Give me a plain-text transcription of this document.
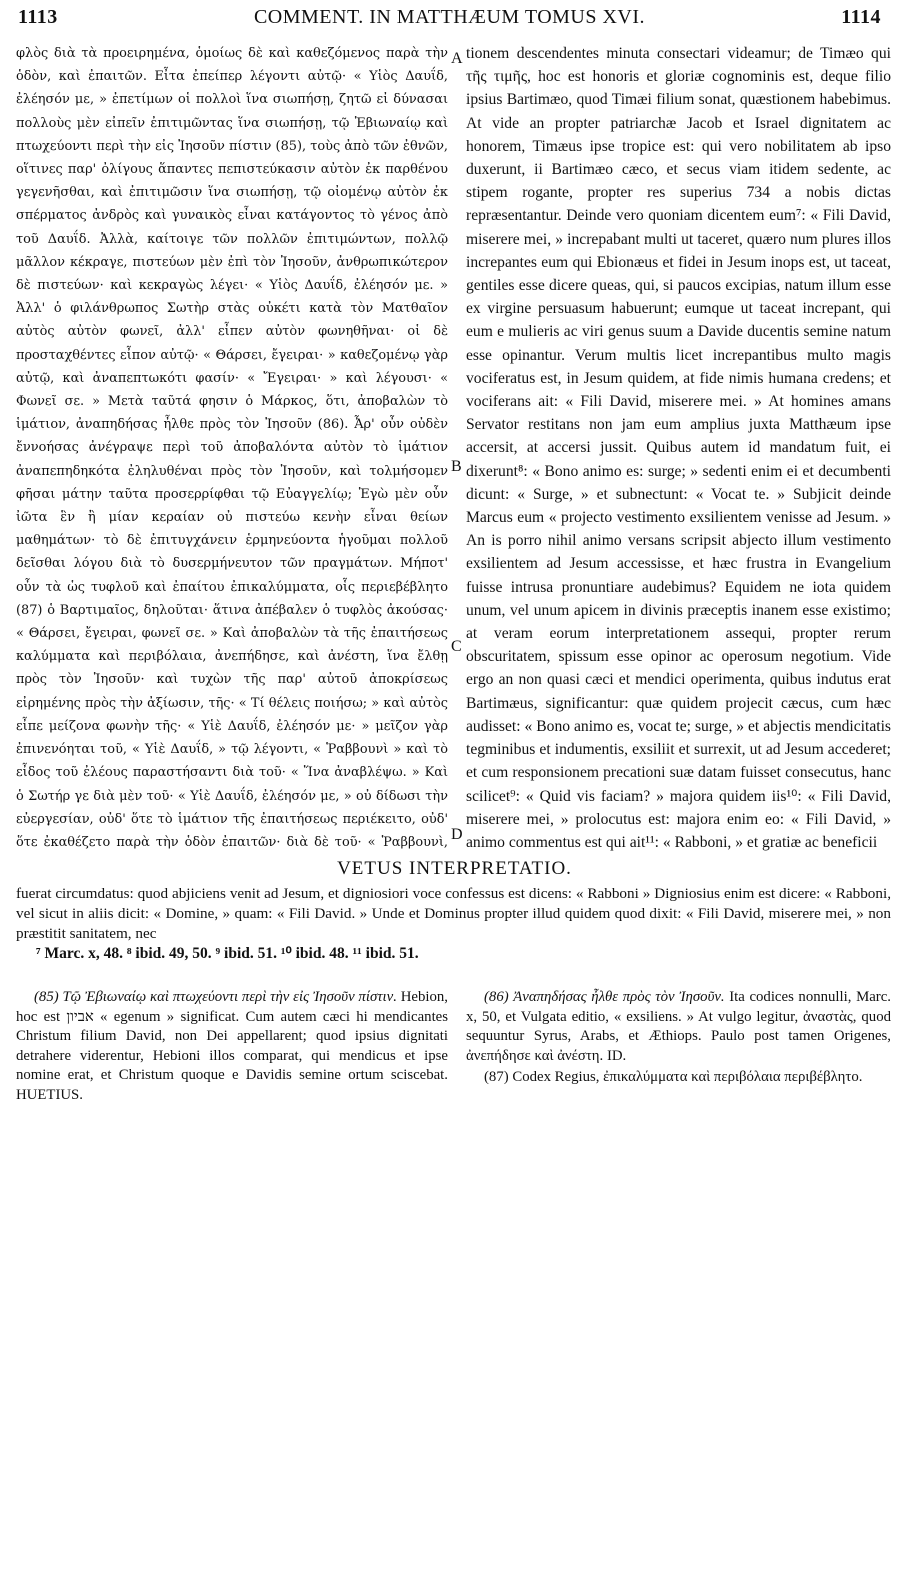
1113	COMMENT. IN MATTHÆUM TOMUS XVI.	1114

φλὸς διὰ τὰ προειρημένα, ὁμοίως δὲ καὶ καθεζόμενος παρὰ τὴν ὁδὸν, καὶ ἐπαιτῶν. Εἶτα ἐπείπερ λέγοντι αὐτῷ· « Υἱὸς Δαυΐδ, ἐλέησόν με, » ἐπετίμων οἱ πολλοὶ ἵνα σιωπήσῃ, ζητῶ εἰ δύνασαι πολλοὺς μὲν εἰπεῖν ἐπιτιμῶντας ἵνα σιωπήσῃ, τῷ Ἐβιωναίῳ καὶ πτωχεύοντι περὶ τὴν εἰς Ἰησοῦν πίστιν (85), τοὺς ἀπὸ τῶν ἐθνῶν, οἵτινες παρ' ὀλίγους ἅπαντες πεπιστεύκασιν αὐτὸν ἐκ παρθένου γεγενῆσθαι, καὶ ἐπιτιμῶσιν ἵνα σιωπήσῃ, τῷ οἰομένῳ αὐτὸν ἐκ σπέρματος ἀνδρὸς καὶ γυναικὸς εἶναι κατάγοντος τὸ γένος ἀπὸ τοῦ Δαυΐδ. Ἀλλὰ, καίτοιγε τῶν πολλῶν ἐπιτιμώντων, πολλῷ μᾶλλον κέκραγε, πιστεύων μὲν ἐπὶ τὸν Ἰησοῦν, ἀνθρωπικώτερον δὲ πιστεύων· καὶ κεκραγὼς λέγει· « Υἱὸς Δαυΐδ, ἐλέησόν με. » Ἀλλ' ὁ φιλάνθρωπος Σωτὴρ στὰς οὐκέτι κατὰ τὸν Ματθαῖον αὐτὸς αὐτὸν φωνεῖ, ἀλλ' εἶπεν αὐτὸν φωνηθῆναι· οἱ δὲ προσταχθέντες εἶπον αὐτῷ· « Θάρσει, ἔγειραι· » καθεζομένῳ γὰρ αὐτῷ, καὶ ἀναπεπτωκότι φασίν· « Ἔγειραι· » καὶ λέγουσι· « Φωνεῖ σε. » Μετὰ ταῦτά φησιν ὁ Μάρκος, ὅτι, ἀποβαλὼν τὸ ἱμάτιον, ἀναπηδήσας ἦλθε πρὸς τὸν Ἰησοῦν (86). Ἆρ' οὖν οὐδὲν ἔννοήσας ἀνέγραψε περὶ τοῦ ἀποβαλόντα αὐτὸν τὸ ἱμάτιον ἀναπεπηδηκότα ἐληλυθέναι πρὸς τὸν Ἰησοῦν, καὶ τολμήσομεν φῆσαι μάτην ταῦτα προσερρίφθαι τῷ Εὐαγγελίῳ; Ἐγὼ μὲν οὖν ἰῶτα ἓν ἢ μίαν κεραίαν οὐ πιστεύω κενὴν εἶναι θείων μαθημάτων· τὸ δὲ ἐπιτυγχάνειν ἑρμηνεύοντα ἡγοῦμαι πολλοῦ δεῖσθαι λόγου διὰ τὸ δυσερμήνευτον τῶν πραγμάτων. Μήποτ' οὖν τὰ ὡς τυφλοῦ καὶ ἐπαίτου ἐπικαλύμματα, οἷς περιεβέβλητο (87) ὁ Βαρτιμαῖος, δηλοῦται· ἅτινα ἀπέβαλεν ὁ τυφλὸς ἀκούσας· « Θάρσει, ἔγειραι, φωνεῖ σε. » Καὶ ἀποβαλὼν τὰ τῆς ἐπαιτήσεως καλύμματα καὶ περιβόλαια, ἀνεπήδησε, καὶ ἀνέστη, ἵνα ἔλθῃ πρὸς τὸν Ἰησοῦν· καὶ τυχὼν τῆς παρ' αὐτοῦ ἀποκρίσεως εἰρημένης πρὸς τὴν ἀξίωσιν, τῆς· « Τί θέλεις ποιήσω; » καὶ αὐτὸς εἶπε μείζονα φωνὴν τῆς· « Υἱὲ Δαυΐδ, ἐλέησόν με· » μεῖζον γὰρ ἐπινενόηται τοῦ, « Υἱὲ Δαυΐδ, » τῷ λέγοντι, « Ῥαββουνὶ » καὶ τὸ εἶδος τοῦ ἐλέους παραστήσαντι διὰ τοῦ· « Ἵνα ἀναβλέψω. » Καὶ ὁ Σωτήρ γε διὰ μὲν τοῦ· « Υἱὲ Δαυΐδ, ἐλέησόν με, » οὐ δίδωσι τὴν εὐεργεσίαν, οὐδ' ὅτε τὸ ἱμάτιον τῆς ἐπαιτήσεως περιέκειτο, οὐδ' ὅτε ἐκαθέζετο παρὰ τὴν ὁδὸν ἐπαιτῶν· διὰ δὲ τοῦ· « Ῥαββουνὶ,

A
B
C
D

tionem descendentes minuta consectari videamur; de Timæo qui τῆς τιμῆς, hoc est honoris et gloriæ cognominis est, deque filio ipsius Bartimæo, quod Timæi filium sonat, quæstionem habebimus. At vide an propter patriarchæ Jacob et Israel dignitatem ac honorem, Timæus ipse tropice est: qui vero nobilitatem ab ipso duxerunt, ii Bartimæo cæco, et secus viam itidem sedente, ac stipem rogante, propter res superius 734 a nobis dictas repræsentantur. Deinde vero quoniam dicentem eum⁷: « Fili David, miserere mei, » increpabant multi ut taceret, quæro num plures illos increpantes eum qui Ebionæus et fidei in Jesum inops est, ut taceat, gentiles esse dicere queas, qui, si paucos excipias, natum illum esse ex virgine persuasum habuerunt; eumque ut taceat increpant, qui eum e mulieris ac viri genus suum a Davide ducentis semine natum esse opinantur. Verum multis licet increpantibus multo magis vociferatus est, in Jesum quidem, at fide nimis humana credens; et vociferans ait: « Fili David, miserere mei. » At homines amans Servator restitans non jam eum amplius juxta Matthæum ipse accersit, at accersi jussit. Quibus autem id mandatum fuit, ei dixerunt⁸: « Bono animo es: surge; » sedenti enim ei et decumbenti dicunt: « Surge, » et subnectunt: « Vocat te. » Subjicit deinde Marcus eum « projecto vestimento exsilientem venisse ad Jesum. » An is porro nihil animo versans scripsit abjecto illum vestimento exsilientem ad Jesum accessisse, et hæc frustra in Evangelium fuisse intrusa pronuntiare audebimus? Equidem ne iota quidem unum, vel unum apicem in divinis præceptis inanem esse existimo; at veram eorum interpretationem assequi, propter rerum obscuritatem, spissum esse opinor ac operosum negotium. Vide ergo an non quasi cæci et mendici operimenta, quibus indutus erat Bartimæus, significantur: quæ quidem projecit cæcus, cum hæc audisset: « Bono animo es, vocat te; surge, » et abjectis mendicitatis tegminibus et indumentis, exsiliit et surrexit, ut ad Jesum accederet; et cum responsionem precationi suæ datam fuisset consecutus, hanc scilicet⁹: « Quid vis faciam? » majora quidem iis¹⁰: « Fili David, miserere mei, » prolocutus est: majora enim eo: « Fili David, » animo commentus est qui ait¹¹: « Rabboni, » et gratiæ ac beneficii

VETUS INTERPRETATIO.
fuerat circumdatus: quod abjiciens venit ad Jesum, et digniosiori voce confessus est dicens: « Rabboni » Digniosius enim est dicere: « Rabboni, vel sicut in aliis dicit: « Domine, » quam: « Fili David. » Unde et Dominus propter illud quidem quod dixit: « Fili David, miserere mei, » non præstitit sanitatem, nec
⁷ Marc. x, 48. ⁸ ibid. 49, 50. ⁹ ibid. 51. ¹⁰ ibid. 48. ¹¹ ibid. 51.

(85) Τῷ Ἐβιωναίῳ καὶ πτωχεύοντι περὶ τὴν εἰς Ἰησοῦν πίστιν. Hebion, hoc est אביון « egenum » significat. Cum autem cæci hi mendicantes Christum filium David, non Dei appellarent; quod ipsius dignitati detrahere viderentur, Hebioni illos comparat, qui mendicus et ipse nomine erat, et Christum quoque e Davidis semine ortum sciscebat. HUETIUS.

(86) Ἀναπηδήσας ἦλθε πρὸς τὸν Ἰησοῦν. Ita codices nonnulli, Marc. x, 50, et Vulgata editio, « exsiliens. » At vulgo legitur, ἀναστὰς, quod sequuntur Syrus, Arabs, et Æthiops. Paulo post tamen Origenes, ἀνεπήδησε καὶ ἀνέστη. ID.

(87) Codex Regius, ἐπικαλύμματα καὶ περιβόλαια περιβέβλητο.
